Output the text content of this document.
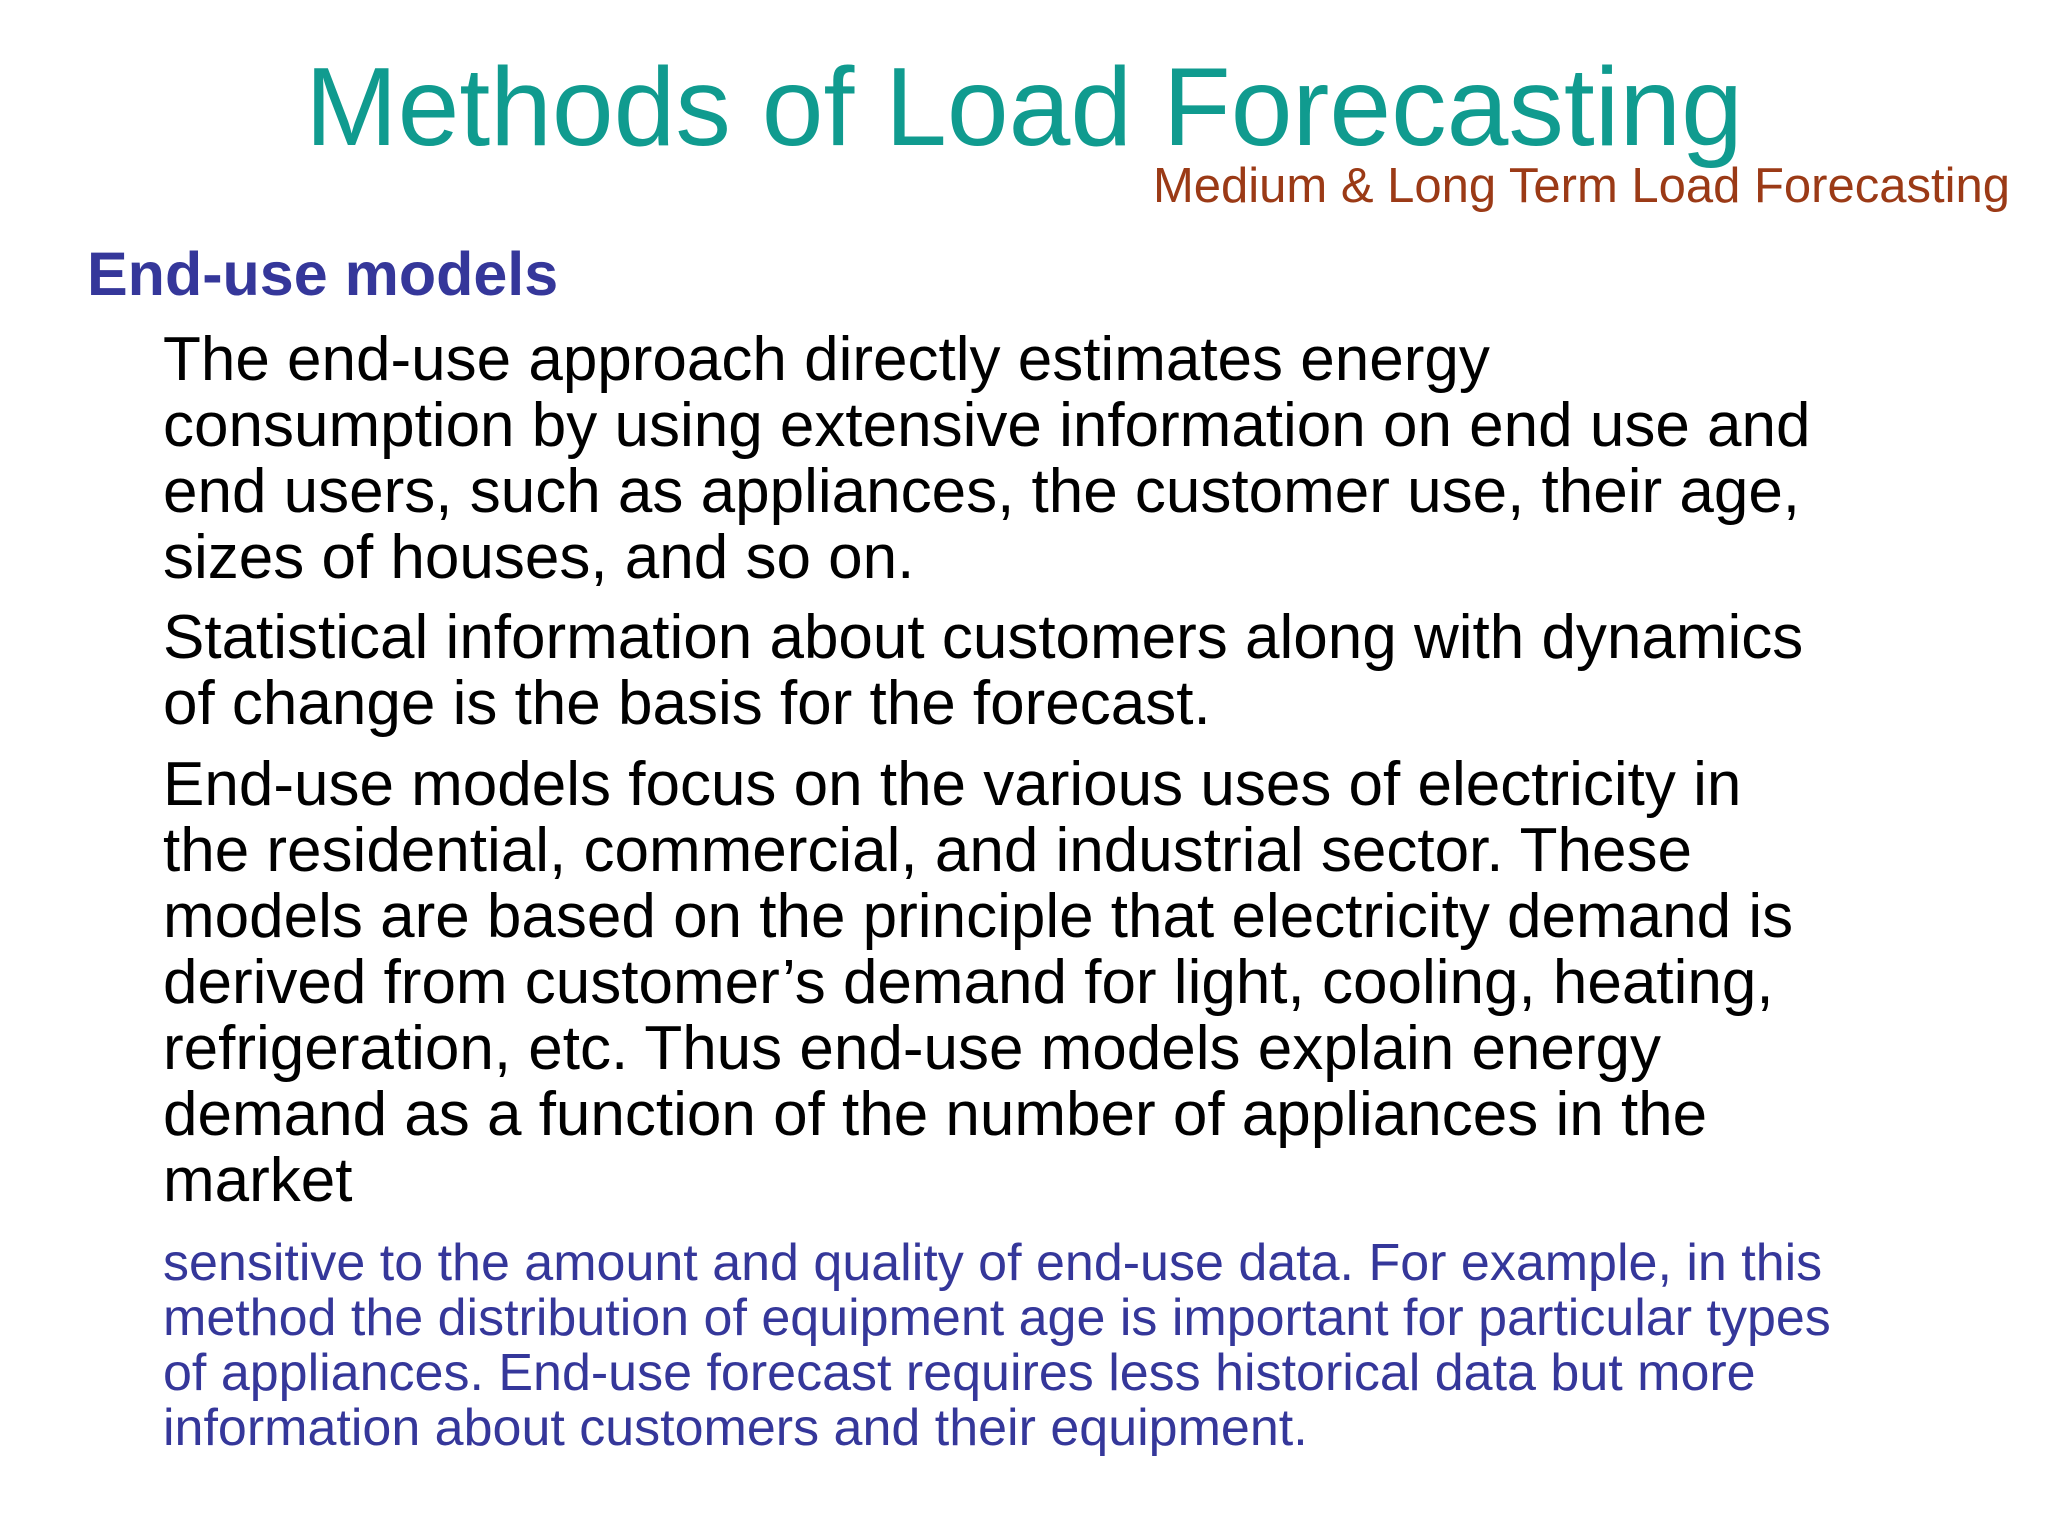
Methods of Load Forecasting
Medium & Long Term Load Forecasting
End-use models
The end-use approach directly estimates energy
consumption by using extensive information on end use and
end users, such as appliances, the customer use, their age,
sizes of houses, and so on.
Statistical information about customers along with dynamics
of change is the basis for the forecast.
End-use models focus on the various uses of electricity in
the residential, commercial, and industrial sector. These
models are based on the principle that electricity demand is
derived from customer’s demand for light, cooling, heating,
refrigeration, etc. Thus end-use models explain energy
demand as a function of the number of appliances in the
market
sensitive to the amount and quality of end-use data. For example, in this
method the distribution of equipment age is important for particular types
of appliances. End-use forecast requires less historical data but more
information about customers and their equipment.
